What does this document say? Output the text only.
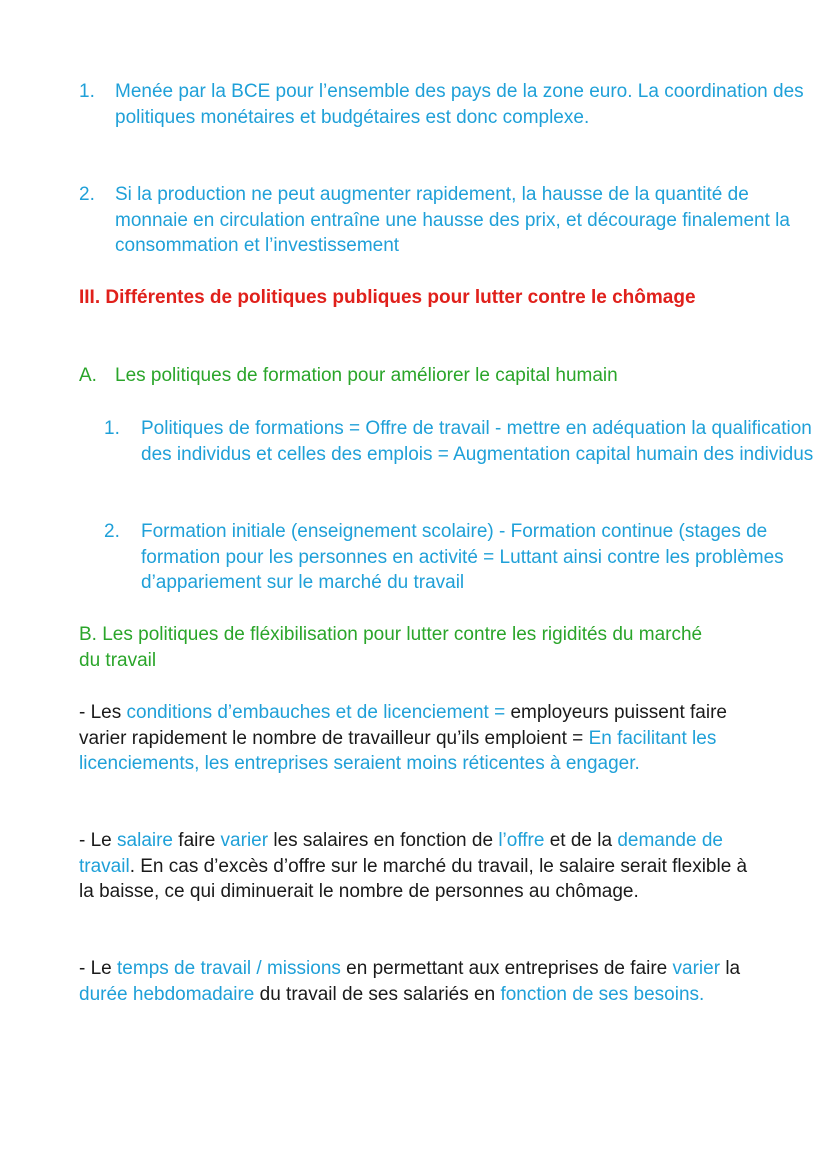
1. Menée par la BCE pour l’ensemble des pays de la zone euro. La coordination des politiques monétaires et budgétaires est donc complexe.
2. Si la production ne peut augmenter rapidement, la hausse de la quantité de monnaie en circulation entraîne une hausse des prix, et décourage finalement la consommation et l’investissement
III. Différentes de politiques publiques pour lutter contre le chômage
A. Les politiques de formation pour améliorer le capital humain
1. Politiques de formations = Offre de travail - mettre en adéquation la qualification des individus et celles des emplois = Augmentation capital humain des individus
2. Formation initiale (enseignement scolaire) - Formation continue (stages de formation pour les personnes en activité = Luttant ainsi contre les problèmes d’appariement sur le marché du travail
B. Les politiques de fléxibilisation pour lutter contre les rigidités du marché du travail

- Les conditions d’embauches et de licenciement = employeurs puissent faire varier rapidement le nombre de travailleur qu’ils emploient = En facilitant les licenciements, les entreprises seraient moins réticentes à engager.

- Le salaire faire varier les salaires en fonction de l’offre et de la demande de travail. En cas d’excès d’offre sur le marché du travail, le salaire serait flexible à la baisse, ce qui diminuerait le nombre de personnes au chômage.

- Le temps de travail / missions en permettant aux entreprises de faire varier la durée hebdomadaire du travail de ses salariés en fonction de ses besoins.
